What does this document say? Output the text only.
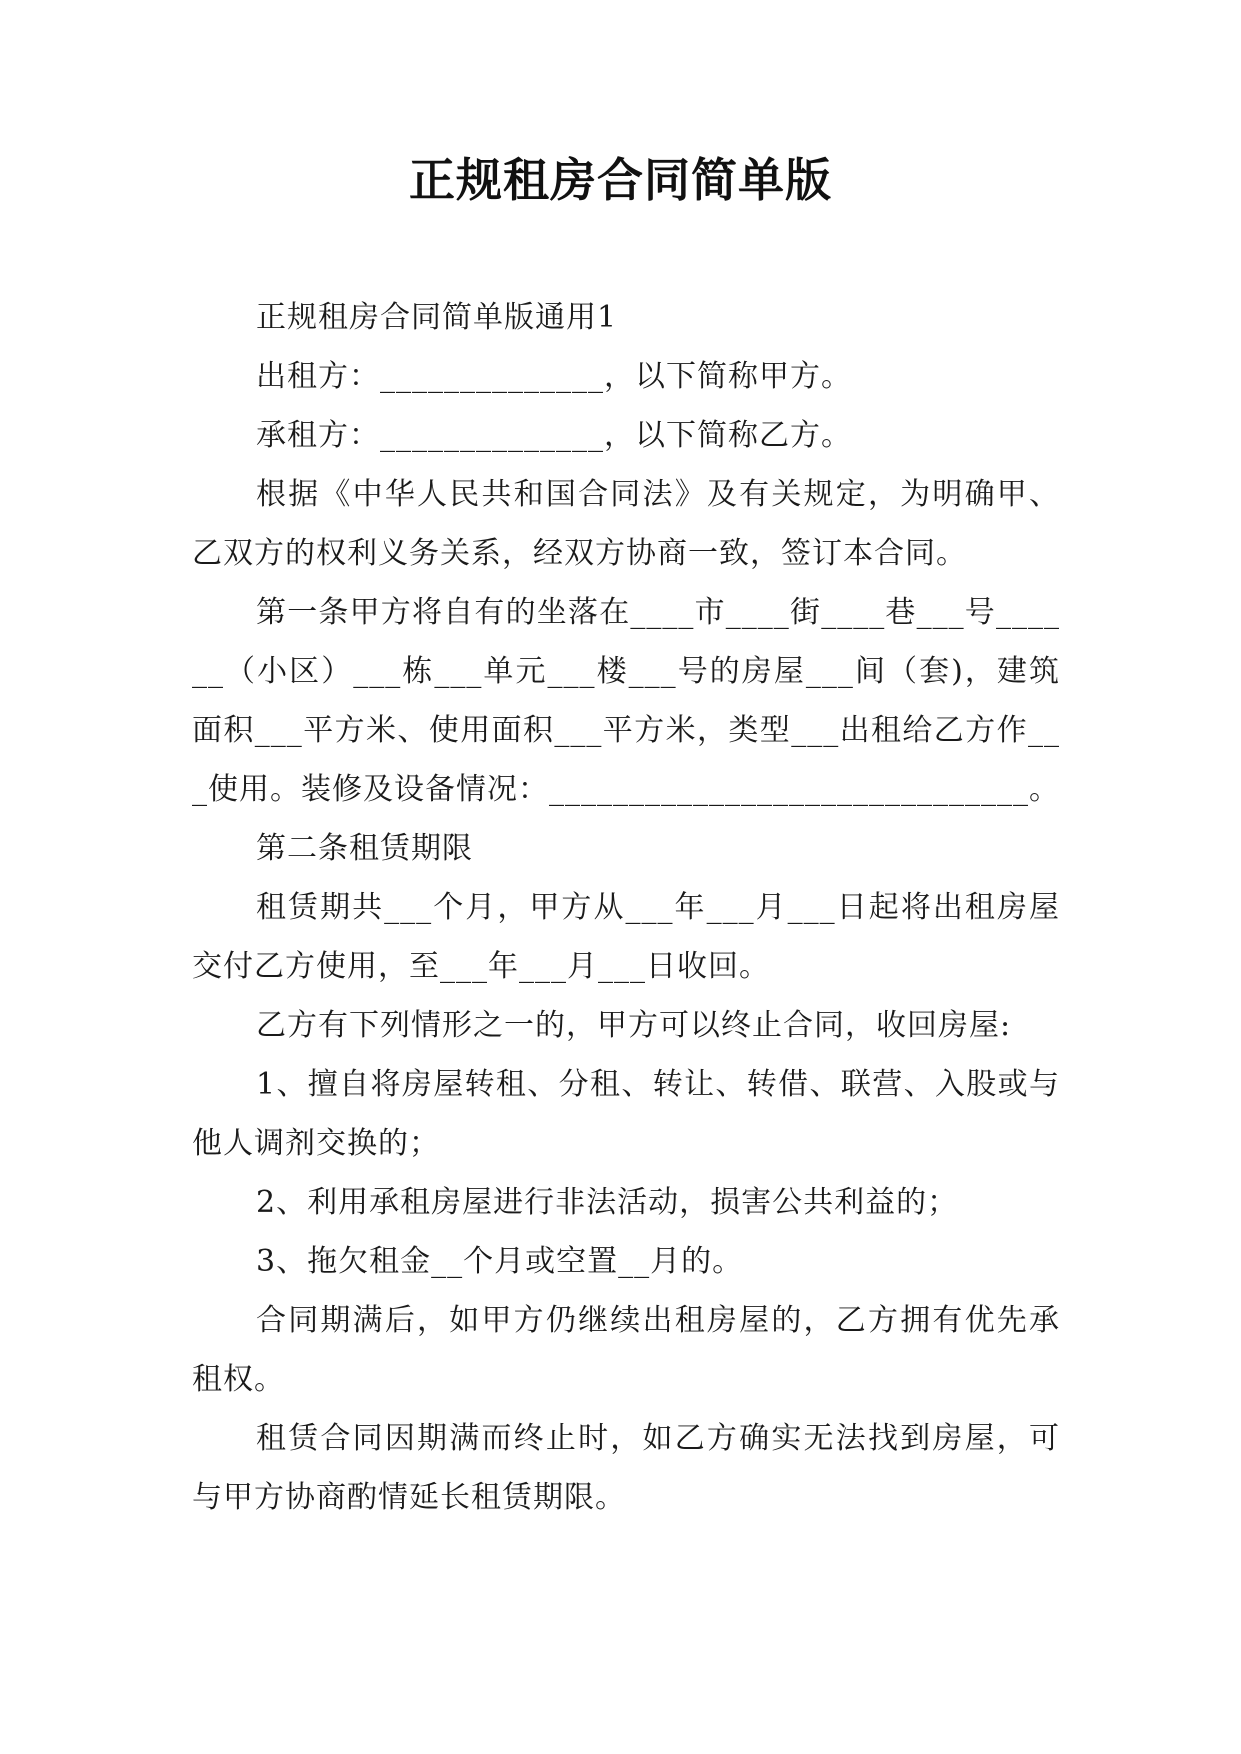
正规租房合同简单版

正规租房合同简单版通用1

出租方：______________，以下简称甲方。

承租方：______________，以下简称乙方。

根据《中华人民共和国合同法》及有关规定，为明确甲、乙双方的权利义务关系，经双方协商一致，签订本合同。

第一条甲方将自有的坐落在____市____街____巷___号______（小区）___栋___单元___楼___号的房屋___间（套)，建筑面积___平方米、使用面积___平方米，类型___出租给乙方作___使用。装修及设备情况：______________________________。

第二条租赁期限

租赁期共___个月，甲方从___年___月___日起将出租房屋交付乙方使用，至___年___月___日收回。

乙方有下列情形之一的，甲方可以终止合同，收回房屋:

1、擅自将房屋转租、分租、转让、转借、联营、入股或与他人调剂交换的；

2、利用承租房屋进行非法活动，损害公共利益的；

3、拖欠租金__个月或空置__月的。

合同期满后，如甲方仍继续出租房屋的，乙方拥有优先承租权。

租赁合同因期满而终止时，如乙方确实无法找到房屋，可与甲方协商酌情延长租赁期限。
